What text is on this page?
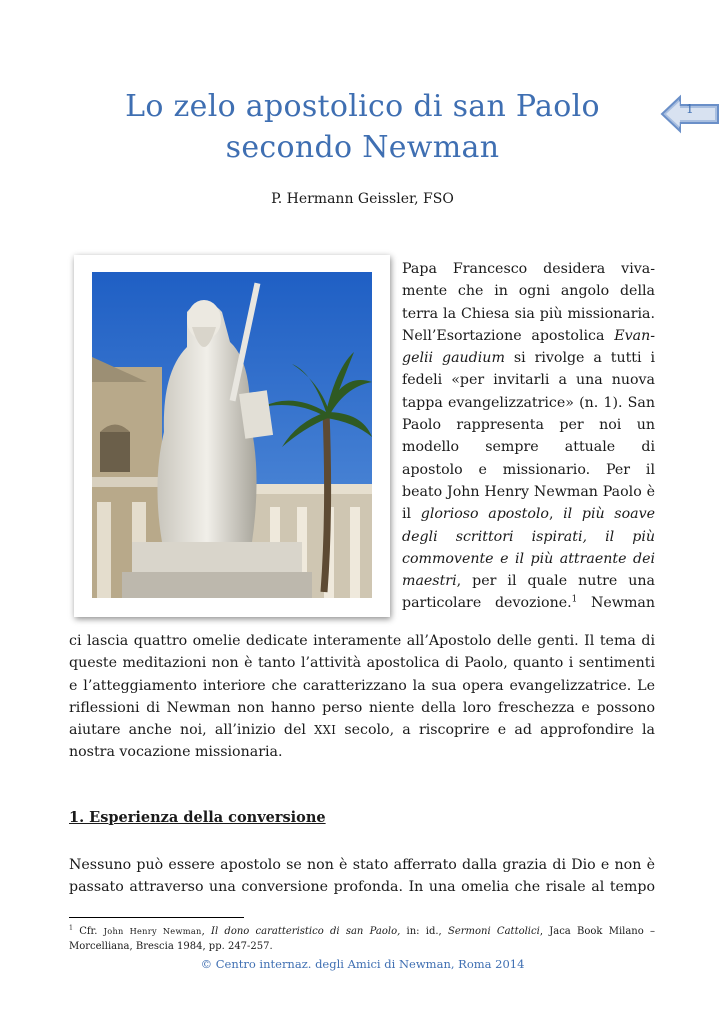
Lo zelo apostolico di san Paolo
secondo Newman
1
P. Hermann Geissler, FSO
Papa Francesco desidera viva-
mente che in ogni angolo della
terra la Chiesa sia più missionaria.
Nell’Esortazione apostolica Evan-
gelii gaudium si rivolge a tutti i
fedeli «per invitarli a una nuova
tappa evangelizzatrice» (n. 1). San
Paolo rappresenta per noi un
modello sempre attuale di
apostolo e missionario. Per il
beato John Henry Newman Paolo è
il glorioso apostolo, il più soave
degli scrittori ispirati, il più
commovente e il più attraente dei
maestri, per il quale nutre una
particolare devozione.$^1$ Newman
ci lascia quattro omelie dedicate interamente all’Apostolo delle genti. Il tema di
queste meditazioni non è tanto l’attività apostolica di Paolo, quanto i sentimenti
e l’atteggiamento interiore che caratterizzano la sua opera evangelizzatrice. Le
riflessioni di Newman non hanno perso niente della loro freschezza e possono
aiutare anche noi, all’inizio del XXI secolo, a riscoprire e ad approfondire la
nostra vocazione missionaria.
1. Esperienza della conversione
Nessuno può essere apostolo se non è stato afferrato dalla grazia di Dio e non è
passato attraverso una conversione profonda. In una omelia che risale al tempo
$^1$ Cfr. John Henry Newman, Il dono caratteristico di san Paolo, in: id., Sermoni Cattolici, Jaca Book Milano –
Morcelliana, Brescia 1984, pp. 247-257.
© Centro internaz. degli Amici di Newman, Roma 2014
